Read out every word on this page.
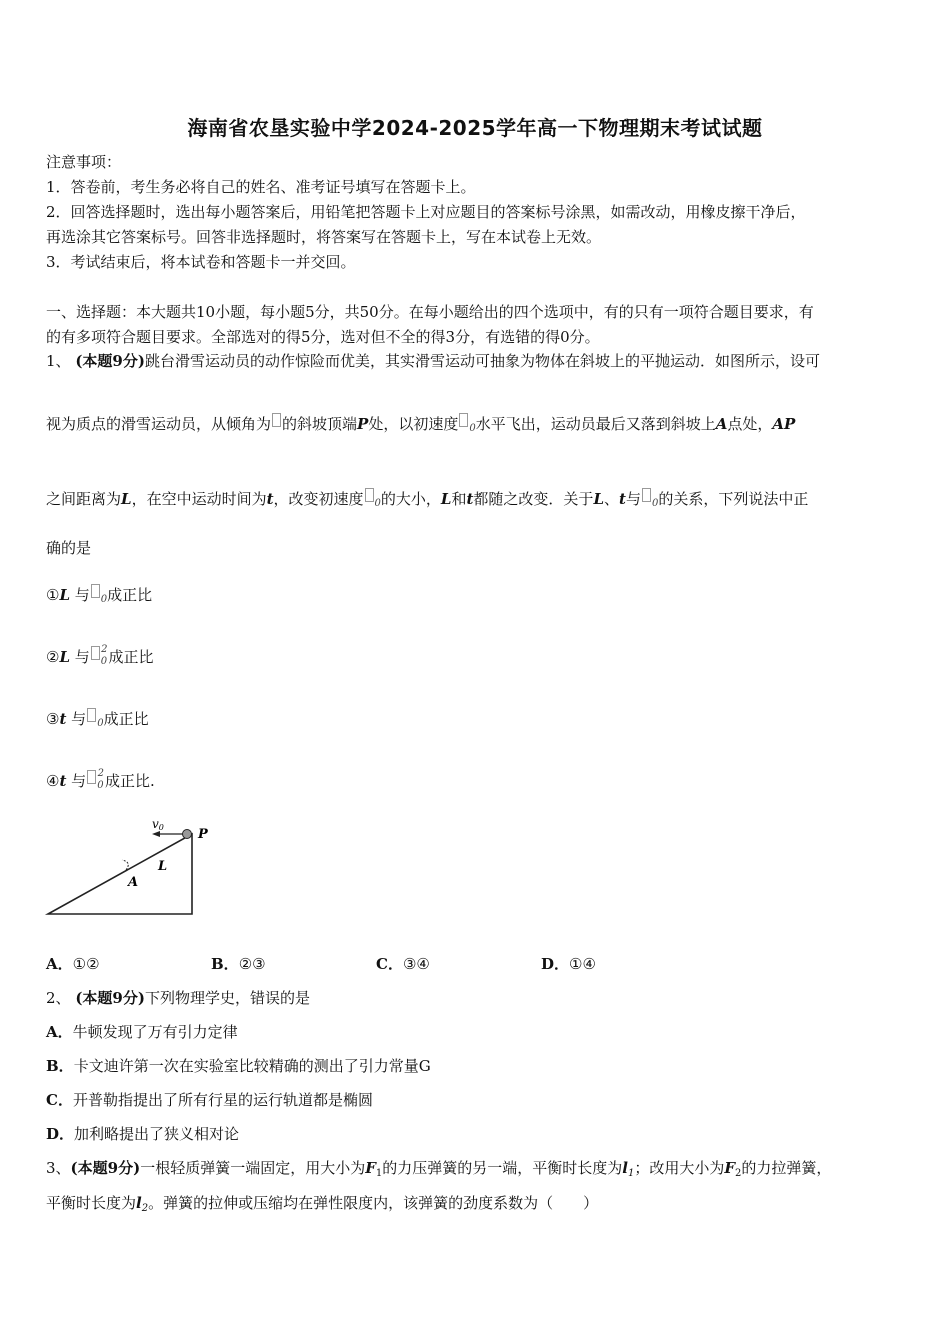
海南省农垦实验中学2024-2025学年高一下物理期末考试试题
注意事项：
1．答卷前，考生务必将自己的姓名、准考证号填写在答题卡上。
2．回答选择题时，选出每小题答案后，用铅笔把答题卡上对应题目的答案标号涂黑，如需改动，用橡皮擦干净后，
再选涂其它答案标号。回答非选择题时，将答案写在答题卡上，写在本试卷上无效。
3．考试结束后，将本试卷和答题卡一并交回。
一、选择题：本大题共10小题，每小题5分，共50分。在每小题给出的四个选项中，有的只有一项符合题目要求，有
的有多项符合题目要求。全部选对的得5分，选对但不全的得3分，有选错的得0分。
1、 (本题9分)跳台滑雪运动员的动作惊险而优美，其实滑雪运动可抽象为物体在斜坡上的平抛运动．如图所示，设可
视为质点的滑雪运动员，从倾角为 的斜坡顶端P处，以初速度 0水平飞出，运动员最后又落到斜坡上A点处，AP
之间距离为L，在空中运动时间为t，改变初速度 0的大小，L和t都随之改变．关于L、t与 0的关系，下列说法中正
确的是
①L 与 0成正比
②L 与 $0^2$成正比
③t 与 0成正比
④t 与 $0^2$成正比.
v0	P
L
A
A．①②	B．②③	C．③④	D．①④
2、 (本题9分)下列物理学史，错误的是
A．牛顿发现了万有引力定律
B．卡文迪许第一次在实验室比较精确的测出了引力常量G
C．开普勒指提出了所有行星的运行轨道都是椭圆
D．加利略提出了狭义相对论
3、(本题9分)一根轻质弹簧一端固定，用大小为$F_1$的力压弹簧的另一端，平衡时长度为$l_1$；改用大小为$F_2$的力拉弹簧，
平衡时长度为$l_2$。弹簧的拉伸或压缩均在弹性限度内，该弹簧的劲度系数为（　　）
